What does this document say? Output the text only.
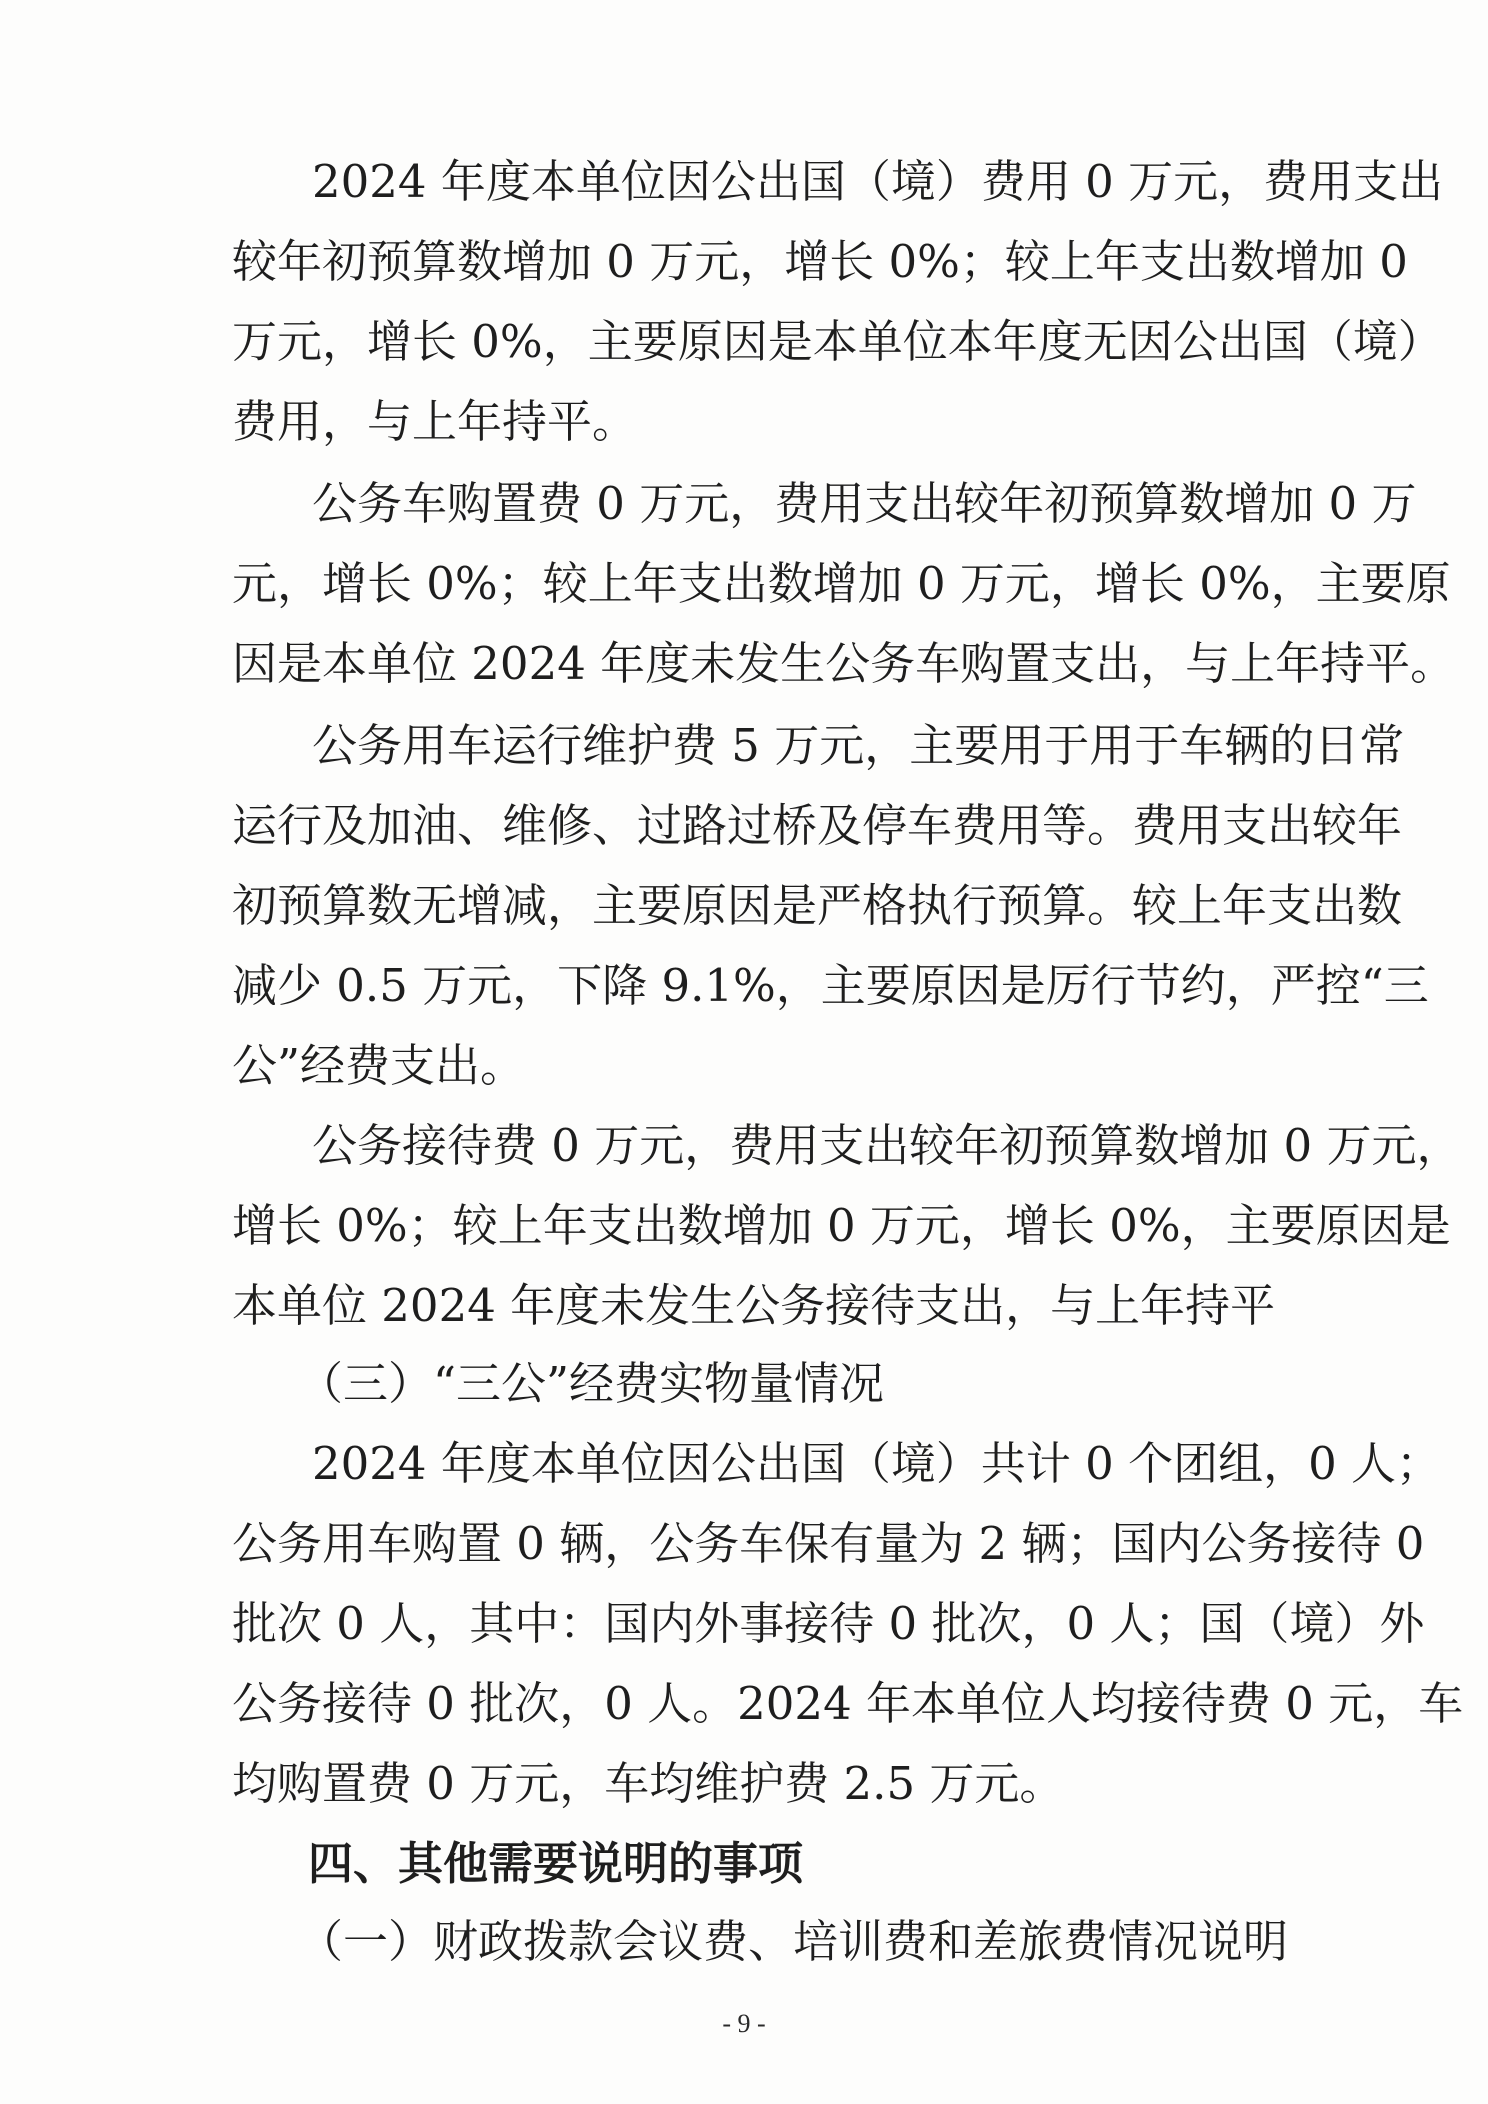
2024 年度本单位因公出国（境）费用 0 万元，费用支出
较年初预算数增加 0 万元，增长 0%；较上年支出数增加 0
万元，增长 0%，主要原因是本单位本年度无因公出国（境）
费用，与上年持平。
公务车购置费 0 万元，费用支出较年初预算数增加 0 万
元，增长 0%；较上年支出数增加 0 万元，增长 0%，主要原
因是本单位 2024 年度未发生公务车购置支出，与上年持平。
公务用车运行维护费 5 万元，主要用于用于车辆的日常
运行及加油、维修、过路过桥及停车费用等。费用支出较年
初预算数无增减，主要原因是严格执行预算。较上年支出数
减少 0.5 万元，下降 9.1%，主要原因是厉行节约，严控“三
公”经费支出。
公务接待费 0 万元，费用支出较年初预算数增加 0 万元，
增长 0%；较上年支出数增加 0 万元，增长 0%，主要原因是
本单位 2024 年度未发生公务接待支出，与上年持平
（三）“三公”经费实物量情况
2024 年度本单位因公出国（境）共计 0 个团组，0 人；
公务用车购置 0 辆，公务车保有量为 2 辆；国内公务接待 0
批次 0 人，其中：国内外事接待 0 批次，0 人；国（境）外
公务接待 0 批次，0 人。2024 年本单位人均接待费 0 元，车
均购置费 0 万元，车均维护费 2.5 万元。
四、其他需要说明的事项
（一）财政拨款会议费、培训费和差旅费情况说明
- 9 -
